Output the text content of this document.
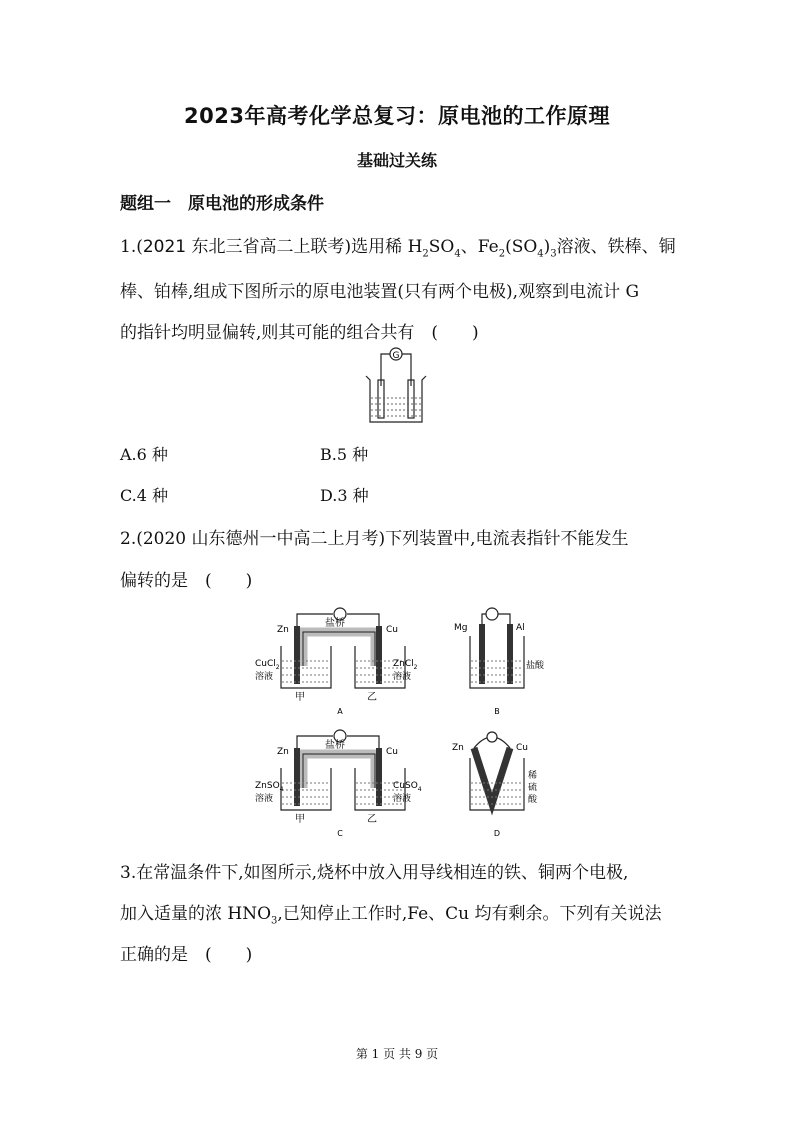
2023年高考化学总复习：原电池的工作原理
基础过关练
题组一　原电池的形成条件
1.(2021 东北三省高二上联考)选用稀 $H_2SO_4$、$Fe_2(SO_4)_3$溶液、铁棒、铜
棒、铂棒,组成下图所示的原电池装置(只有两个电极),观察到电流计 G
的指针均明显偏转,则其可能的组合共有　 ( )
G
A.6 种	B.5 种
C.4 种	D.3 种
2.(2020 山东德州一中高二上月考)下列装置中,电流表指针不能发生
偏转的是　 ( )
盐桥
Zn	Cu
CuCl$_2$
溶液
ZnCl$_2$
溶液
甲	乙
A
Mg	Al
盐酸
B
盐桥
Zn	Cu
ZnSO$_4$
溶液
CuSO$_4$
溶液
甲	乙
C
Zn	Cu
稀
硫
酸
D
3.在常温条件下,如图所示,烧杯中放入用导线相连的铁、铜两个电极,
加入适量的浓 $HNO_3$,已知停止工作时,Fe、Cu 均有剩余。下列有关说法
正确的是　 ( )
第 1 页 共 9 页
